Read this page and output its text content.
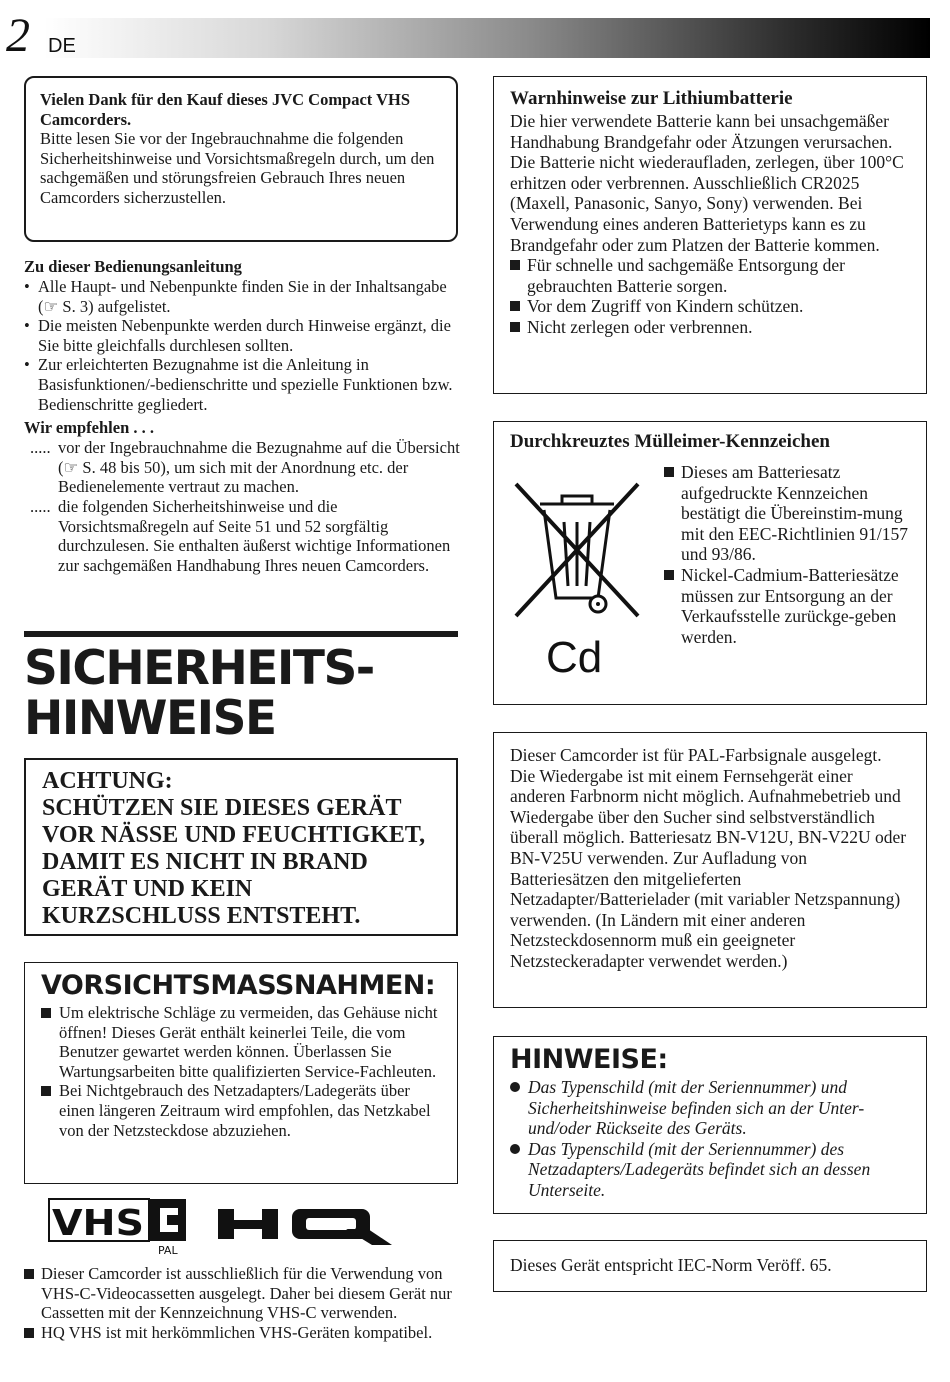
2 DE

Vielen Dank für den Kauf dieses JVC Compact VHS Camcorders.

Bitte lesen Sie vor der Ingebrauchnahme die folgenden Sicherheitshinweise und Vorsichtsmaßregeln durch, um den sachgemäßen und störungsfreien Gebrauch Ihres neuen Camcorders sicherzustellen.

Zu dieser Bedienungsanleitung

• Alle Haupt- und Nebenpunkte finden Sie in der Inhaltsangabe (☞ S. 3) aufgelistet.
• Die meisten Nebenpunkte werden durch Hinweise ergänzt, die Sie bitte gleichfalls durchlesen sollten.
• Zur erleichterten Bezugnahme ist die Anleitung in Basisfunktionen/-bedienschritte und spezielle Funktionen bzw. Bedienschritte gegliedert.

Wir empfehlen . . .

..... vor der Ingebrauchnahme die Bezugnahme auf die Übersicht (☞ S. 48 bis 50), um sich mit der Anordnung etc. der Bedienelemente vertraut zu machen.
..... die folgenden Sicherheitshinweise und die Vorsichtsmaßregeln auf Seite 51 und 52 sorgfältig durchzulesen. Sie enthalten äußerst wichtige Informationen zur sachgemäßen Handhabung Ihres neuen Camcorders.
SICHERHEITS-
HINWEISE

ACHTUNG:

SCHÜTZEN SIE DIESES GERÄT

VOR NÄSSE UND FEUCHTIGKET,

DAMIT ES NICHT IN BRAND

GERÄT UND KEIN

KURZSCHLUSS ENTSTEHT.

VORSICHTSMASSNAHMEN:

Um elektrische Schläge zu vermeiden, das Gehäuse nicht öffnen! Dieses Gerät enthält keinerlei Teile, die vom Benutzer gewartet werden können. Überlassen Sie Wartungsarbeiten bitte qualifizierten Service-Fachleuten.
Bei Nichtgebrauch des Netzadapters/Ladegeräts über einen längeren Zeitraum wird empfohlen, das Netzkabel von der Netzsteckdose abzuziehen.
VHS
PAL	HQ
Dieser Camcorder ist ausschließlich für die Verwendung von VHS-C-Videocassetten ausgelegt. Daher bei diesem Gerät nur Cassetten mit der Kennzeichnung VHS-C verwenden.
HQ VHS ist mit herkömmlichen VHS-Geräten kompatibel.

Warnhinweise zur Lithiumbatterie

Die hier verwendete Batterie kann bei unsachgemäßer Handhabung Brandgefahr oder Ätzungen verursachen. Die Batterie nicht wiederaufladen, zerlegen, über 100°C erhitzen oder verbrennen. Ausschließlich CR2025 (Maxell, Panasonic, Sanyo, Sony) verwenden. Bei Verwendung eines anderen Batterietyps kann es zu Brandgefahr oder zum Platzen der Batterie kommen.

Für schnelle und sachgemäße Entsorgung der gebrauchten Batterie sorgen.
Vor dem Zugriff von Kindern schützen.
Nicht zerlegen oder verbrennen.

Durchkreuztes Mülleimer-Kennzeichen

Cd
Dieses am Batteriesatz aufgedruckte Kennzeichen bestätigt die Übereinstim-mung mit den EEC-Richtlinien 91/157 und 93/86.
Nickel-Cadmium-Batteriesätze müssen zur Entsorgung an der Verkaufsstelle zurückge-geben werden.

Dieser Camcorder ist für PAL-Farbsignale ausgelegt. Die Wiedergabe ist mit einem Fernsehgerät einer anderen Farbnorm nicht möglich. Aufnahmebetrieb und Wiedergabe über den Sucher sind selbstverständlich überall möglich. Batteriesatz BN-V12U, BN-V22U oder BN-V25U verwenden. Zur Aufladung von Batteriesätzen den mitgelieferten Netzadapter/Batterielader (mit variabler Netzspannung) verwenden. (In Ländern mit einer anderen Netzsteckdosennorm muß ein geeigneter Netzsteckeradapter verwendet werden.)

HINWEISE:

Das Typenschild (mit der Seriennummer) und Sicherheitshinweise befinden sich an der Unter- und/oder Rückseite des Geräts.
Das Typenschild (mit der Seriennummer) des Netzadapters/Ladegeräts befindet sich an dessen Unterseite.

Dieses Gerät entspricht IEC-Norm Veröff. 65.
